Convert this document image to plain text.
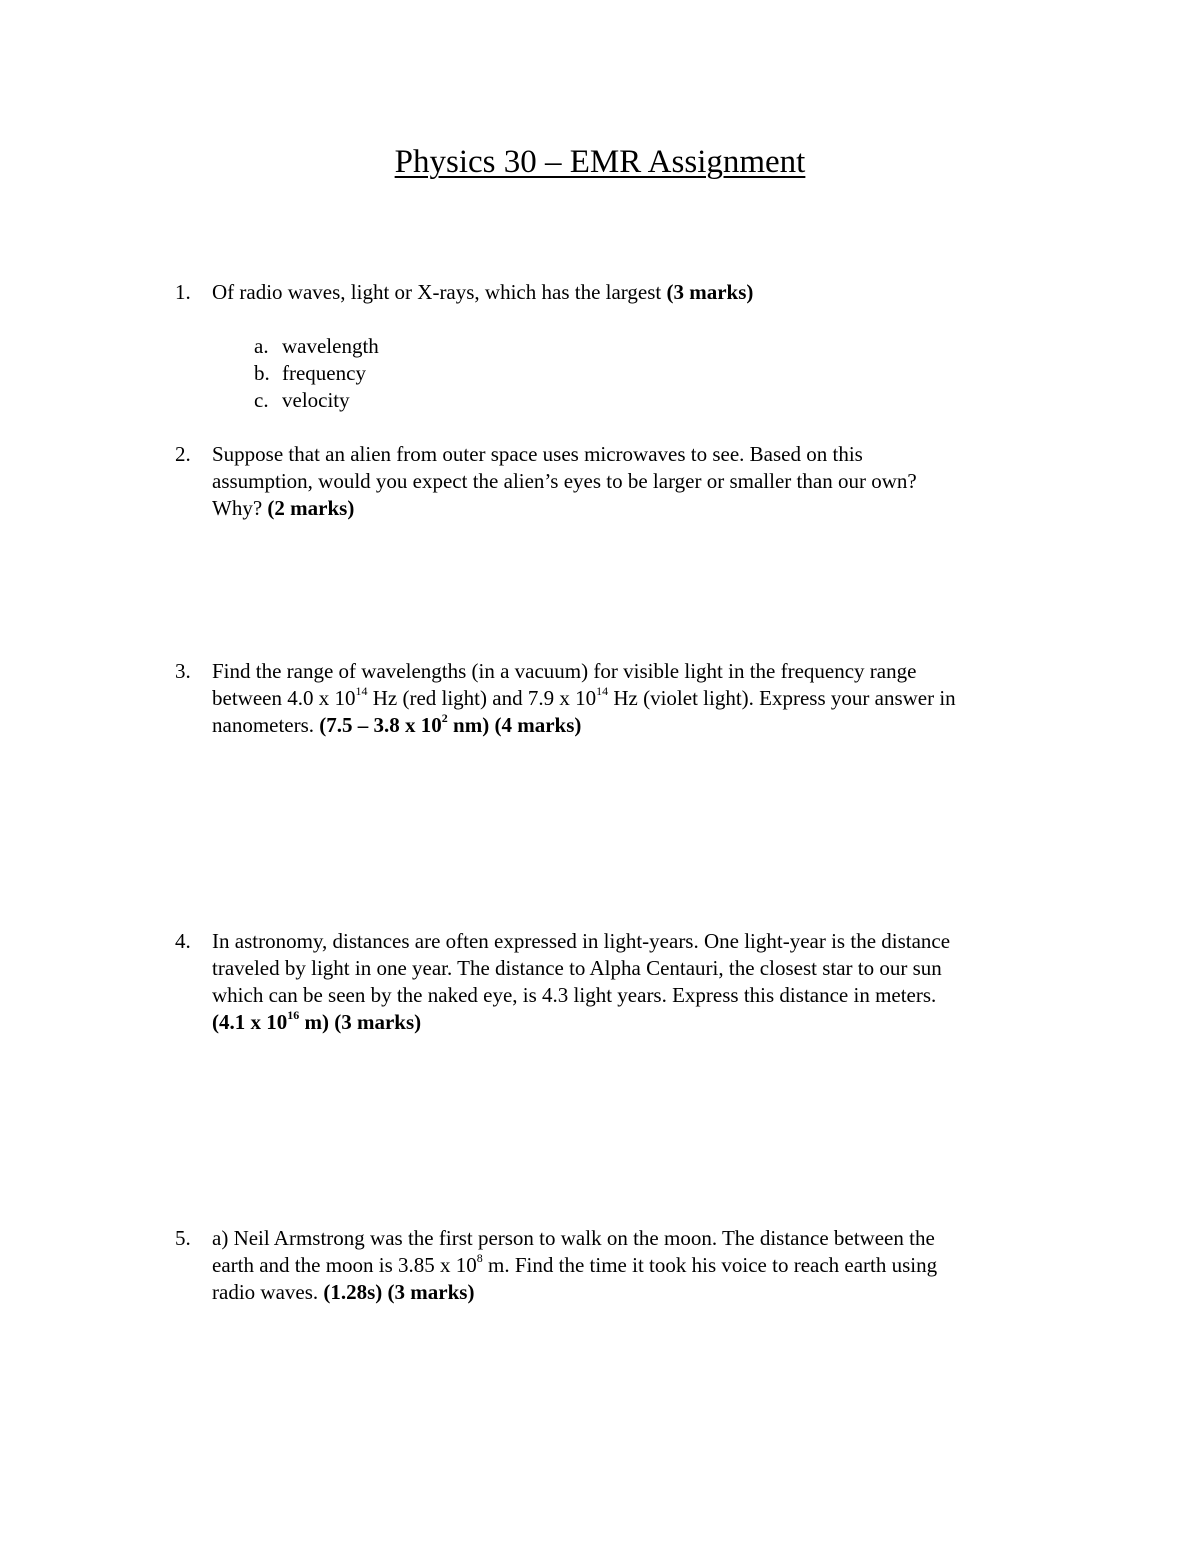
Physics 30 – EMR Assignment
1.	Of radio waves, light or X-rays, which has the largest (3 marks)
a. wavelength
b. frequency
c. velocity
2.	Suppose that an alien from outer space uses microwaves to see. Based on this
assumption, would you expect the alien’s eyes to be larger or smaller than our own?
Why? (2 marks)
3.	Find the range of wavelengths (in a vacuum) for visible light in the frequency range
between 4.0 x $10^{14}$ Hz (red light) and 7.9 x $10^{14}$ Hz (violet light). Express your answer in
nanometers. (7.5 – 3.8 x $10^2$ nm) (4 marks)
4.	In astronomy, distances are often expressed in light-years. One light-year is the distance
traveled by light in one year. The distance to Alpha Centauri, the closest star to our sun
which can be seen by the naked eye, is 4.3 light years. Express this distance in meters.
(4.1 x $10^{16}$ m) (3 marks)
5.	a) Neil Armstrong was the first person to walk on the moon. The distance between the
earth and the moon is 3.85 x $10^8$ m. Find the time it took his voice to reach earth using
radio waves. (1.28s) (3 marks)
